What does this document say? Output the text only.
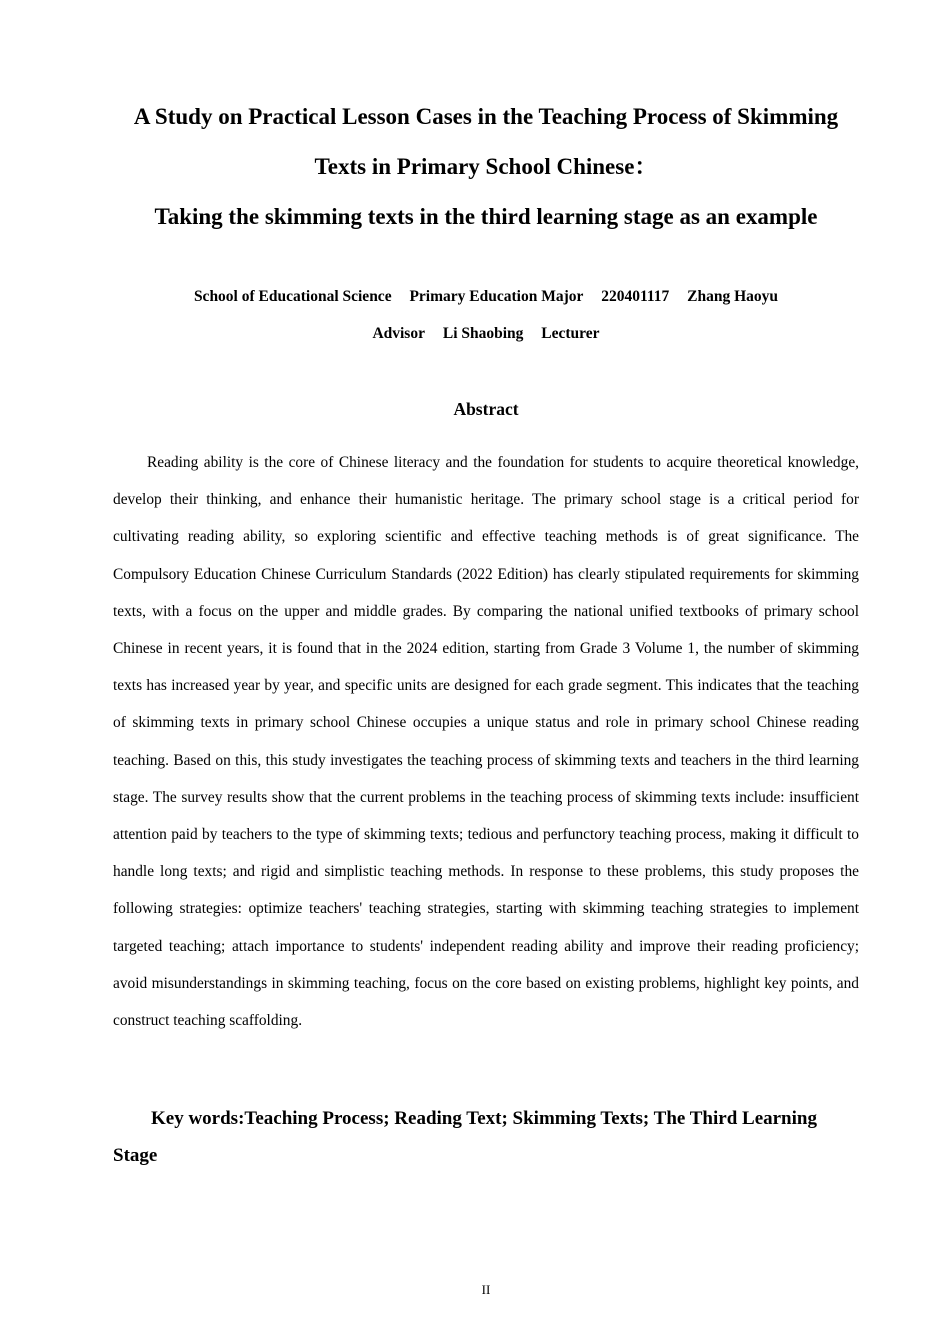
A Study on Practical Lesson Cases in the Teaching Process of Skimming
Texts in Primary School Chinese：
Taking the skimming texts in the third learning stage as an example
School of Educational Science Primary Education Major 220401117 Zhang Haoyu
Advisor Li Shaobing Lecturer
Abstract

Reading ability is the core of Chinese literacy and the foundation for students to acquire theoretical knowledge, develop their thinking, and enhance their humanistic heritage. The primary school stage is a critical period for cultivating reading ability, so exploring scientific and effective teaching methods is of great significance. The Compulsory Education Chinese Curriculum Standards (2022 Edition) has clearly stipulated requirements for skimming texts, with a focus on the upper and middle grades. By comparing the national unified textbooks of primary school Chinese in recent years, it is found that in the 2024 edition, starting from Grade 3 Volume 1, the number of skimming texts has increased year by year, and specific units are designed for each grade segment. This indicates that the teaching of skimming texts in primary school Chinese occupies a unique status and role in primary school Chinese reading teaching. Based on this, this study investigates the teaching process of skimming texts and teachers in the third learning stage. The survey results show that the current problems in the teaching process of skimming texts include: insufficient attention paid by teachers to the type of skimming texts; tedious and perfunctory teaching process, making it difficult to handle long texts; and rigid and simplistic teaching methods. In response to these problems, this study proposes the following strategies: optimize teachers' teaching strategies, starting with skimming teaching strategies to implement targeted teaching; attach importance to students' independent reading ability and improve their reading proficiency; avoid misunderstandings in skimming teaching, focus on the core based on existing problems, highlight key points, and construct teaching scaffolding.

Key words:Teaching Process; Reading Text; Skimming Texts; The Third Learning Stage

II
